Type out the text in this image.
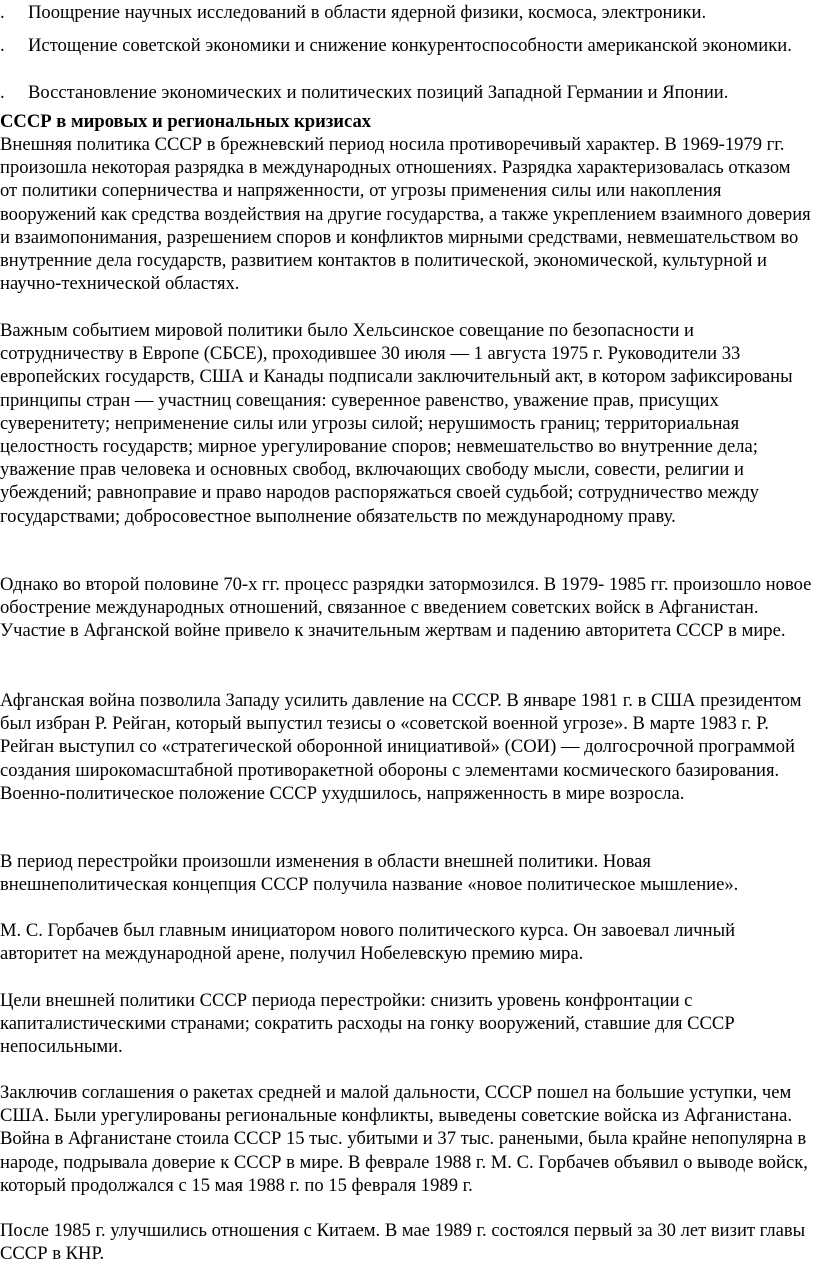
. Поощрение научных исследований в области ядерной физики, космоса, электроники.
. Истощение советской экономики и снижение конкурентоспособности американской экономики.
. Восстановление экономических и политических позиций Западной Германии и Японии.
СССР в мировых и региональных кризисах

Внешняя политика СССР в брежневский период носила противоречивый характер. В 1969-1979 гг. произошла некоторая разрядка в международных отношениях. Разрядка характеризовалась отказом от политики соперничества и напряженности, от угрозы применения силы или накопления вооружений как средства воздействия на другие государства, а также укреплением взаимного доверия и взаимопонимания, разрешением споров и конфликтов мирными средствами, невмешательством во внутренние дела государств, развитием контактов в политической, экономической, культурной и научно-технической областях.

Важным событием мировой политики было Хельсинское совещание по безопасности и сотрудничеству в Европе (СБСЕ), проходившее 30 июля — 1 августа 1975 г. Руководители 33 европейских государств, США и Канады подписали заключительный акт, в котором зафиксированы принципы стран — участниц совещания: суверенное равенство, уважение прав, присущих суверенитету; неприменение силы или угрозы силой; нерушимость границ; территориальная целостность государств; мирное урегулирование споров; невмешательство во внутренние дела; уважение прав человека и основных свобод, включающих свободу мысли, совести, религии и убеждений; равноправие и право народов распоряжаться своей судьбой; сотрудничество между государствами; добросовестное выполнение обязательств по международному праву.

Однако во второй половине 70-х гг. процесс разрядки затормозился. В 1979- 1985 гг. произошло новое обострение международных отношений, связанное с введением советских войск в Афганистан. Участие в Афганской войне привело к значительным жертвам и падению авторитета СССР в мире.

Афганская война позволила Западу усилить давление на СССР. В январе 1981 г. в США президентом был избран Р. Рейган, который выпустил тезисы о «советской военной угрозе». В марте 1983 г. Р. Рейган выступил со «стратегической оборонной инициативой» (СОИ) — долгосрочной программой создания широкомасштабной противоракетной обороны с элементами космического базирования. Военно-политическое положение СССР ухудшилось, напряженность в мире возросла.

В период перестройки произошли изменения в области внешней политики. Новая внешнеполитическая концепция СССР получила название «новое политическое мышление».

М. С. Горбачев был главным инициатором нового политического курса. Он завоевал личный авторитет на международной арене, получил Нобелевскую премию мира.

Цели внешней политики СССР периода перестройки: снизить уровень конфронтации с капиталистическими странами; сократить расходы на гонку вооружений, ставшие для СССР непосильными.

Заключив соглашения о ракетах средней и малой дальности, СССР пошел на большие уступки, чем США. Были урегулированы региональные конфликты, выведены советские войска из Афганистана. Война в Афганистане стоила СССР 15 тыс. убитыми и 37 тыс. ранеными, была крайне непопулярна в народе, подрывала доверие к СССР в мире. В феврале 1988 г. М. С. Горбачев объявил о выводе войск, который продолжался с 15 мая 1988 г. по 15 февраля 1989 г.

После 1985 г. улучшились отношения с Китаем. В мае 1989 г. состоялся первый за 30 лет визит главы СССР в КНР.
